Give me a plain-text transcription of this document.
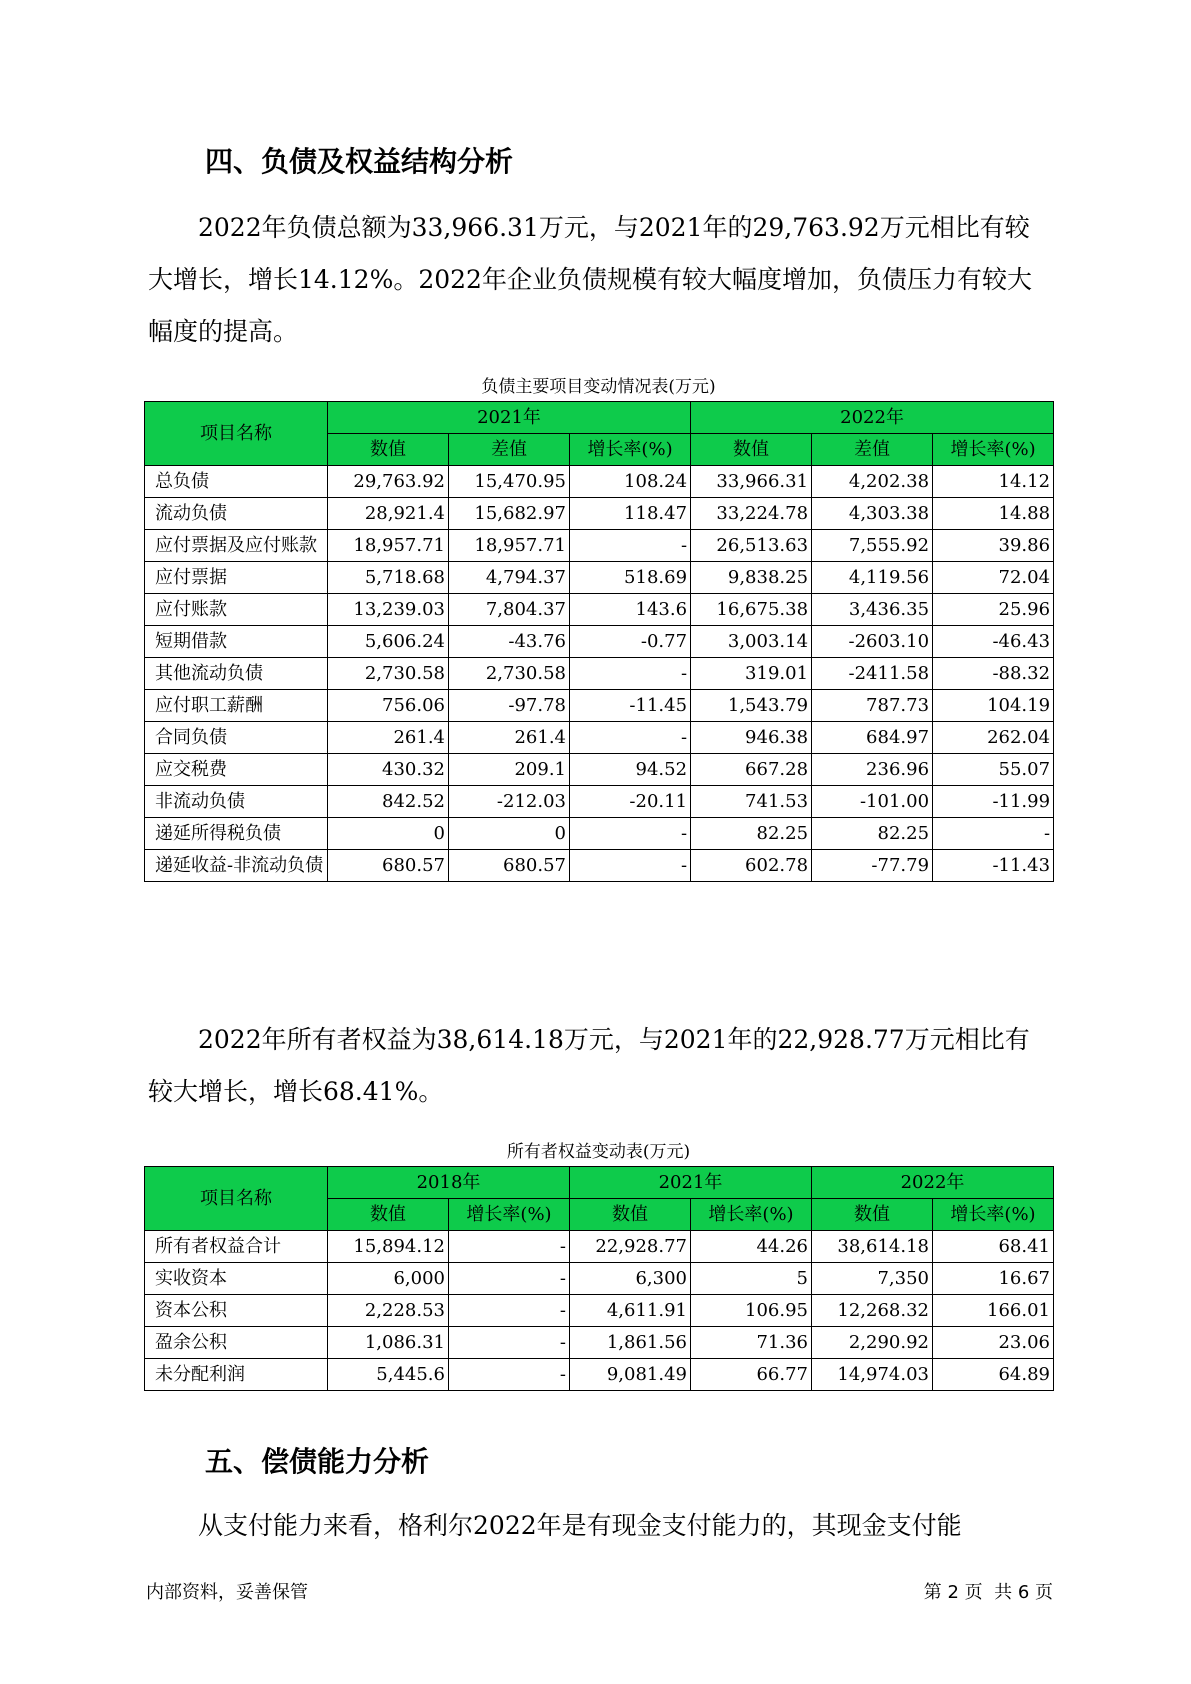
四、负债及权益结构分析

2022年负债总额为33,966.31万元，与2021年的29,763.92万元相比有较大增长，增长14.12%。2022年企业负债规模有较大幅度增加，负债压力有较大幅度的提高。

负债主要项目变动情况表(万元)
项目名称	2021年			2022年		
	数值	差值	增长率(%)	数值	差值	增长率(%)
总负债	29,763.92	15,470.95	108.24	33,966.31	4,202.38	14.12
流动负债	28,921.4	15,682.97	118.47	33,224.78	4,303.38	14.88
应付票据及应付账款	18,957.71	18,957.71	-	26,513.63	7,555.92	39.86
应付票据	5,718.68	4,794.37	518.69	9,838.25	4,119.56	72.04
应付账款	13,239.03	7,804.37	143.6	16,675.38	3,436.35	25.96
短期借款	5,606.24	-43.76	-0.77	3,003.14	-2603.10	-46.43
其他流动负债	2,730.58	2,730.58	-	319.01	-2411.58	-88.32
应付职工薪酬	756.06	-97.78	-11.45	1,543.79	787.73	104.19
合同负债	261.4	261.4	-	946.38	684.97	262.04
应交税费	430.32	209.1	94.52	667.28	236.96	55.07
非流动负债	842.52	-212.03	-20.11	741.53	-101.00	-11.99
递延所得税负债	0	0	-	82.25	82.25	-
递延收益-非流动负债	680.57	680.57	-	602.78	-77.79	-11.43

2022年所有者权益为38,614.18万元，与2021年的22,928.77万元相比有较大增长，增长68.41%。

所有者权益变动表(万元)
项目名称	2018年		2021年		2022年	
	数值	增长率(%)	数值	增长率(%)	数值	增长率(%)
所有者权益合计	15,894.12	-	22,928.77	44.26	38,614.18	68.41
实收资本	6,000	-	6,300	5	7,350	16.67
资本公积	2,228.53	-	4,611.91	106.95	12,268.32	166.01
盈余公积	1,086.31	-	1,861.56	71.36	2,290.92	23.06
未分配利润	5,445.6	-	9,081.49	66.77	14,974.03	64.89
五、偿债能力分析

从支付能力来看，格利尔2022年是有现金支付能力的，其现金支付能

内部资料，妥善保管	第 2 页  共 6 页
